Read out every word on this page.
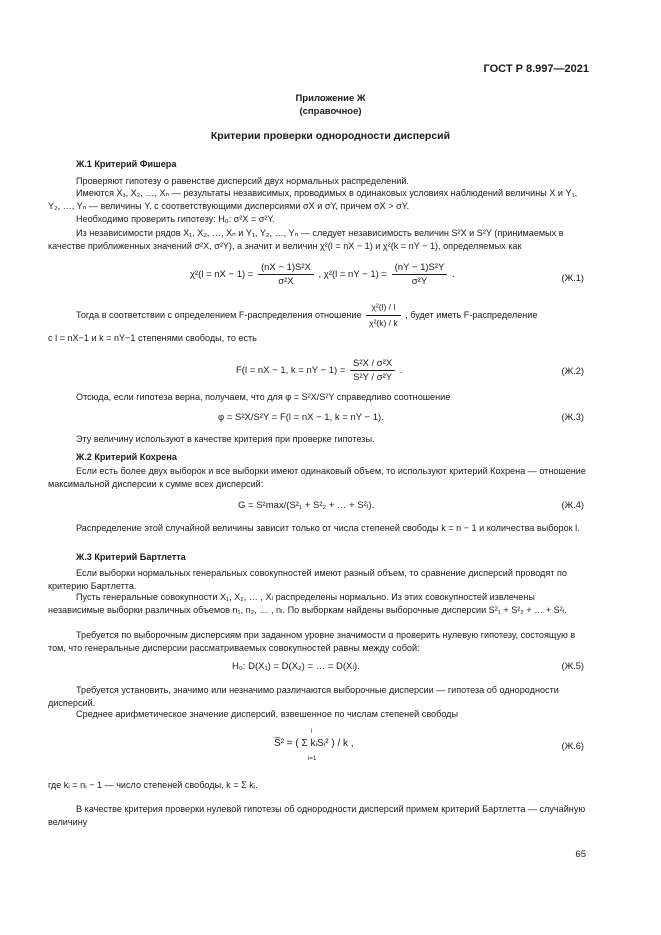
ГОСТ Р 8.997—2021
Приложение Ж
(справочное)
Критерии проверки однородности дисперсий
Ж.1 Критерий Фишера
Проверяют гипотезу о равенстве дисперсий двух нормальных распределений.
Имеются X₁, X₂, …, Xₙ — результаты независимых, проводимых в одинаковых условиях наблюдений величины X и Y₁, Y₂, …, Yₙ — величины Y, с соответствующими дисперсиями σX и σY, причем σX > σY.
Необходимо проверить гипотезу: H₀: σ²X = σ²Y.
Из независимости рядов X₁, X₂, …, Xₙ и Y₁, Y₂, …, Yₙ — следует независимость величин S²X и S²Y (принимаемых в качестве приближенных значений σ²X, σ²Y), а значит и величин χ²(l = nX − 1) и χ²(k = nY − 1), определяемых как
χ²(l = nX − $1) = \frac{\text{(nX − 1)S²X}}{\text{σ²X}}$ , χ²(l = nY − $1) = \frac{\text{(nY − 1)S²Y}}{\text{σ²Y}}$ .	(Ж.1)
Тогда в соответствии с определением F-распределения отношение $\frac{\text{χ²(l) / l}}{\text{χ²(k) / k}}$ , будет иметь F-распределение
с l = nX−1 и k = nY−1 степенями свободы, то есть
F(l = nX − 1, k = nY − $1) = \frac{\text{S²X / σ²X}}{\text{S²Y / σ²Y}}$ .	(Ж.2)
Отсюда, если гипотеза верна, получаем, что для φ = S²X/S²Y справедливо соотношение
φ = S²X/S²Y = F(l = nX − 1, k = nY − 1).	(Ж.3)
Эту величину используют в качестве критерия при проверке гипотезы.
Ж.2 Критерий Кохрена
Если есть более двух выборок и все выборки имеют одинаковый объем, то используют критерий Кохрена — отношение максимальной дисперсии к сумме всех дисперсий:
G = S²max/(S²₁ + S²₂ + … + S²ₗ).	(Ж.4)
Распределение этой случайной величины зависит только от числа степеней свободы k = n − 1 и количества выборок l.
Ж.3 Критерий Бартлетта
Если выборки нормальных генеральных совокупностей имеют разный объем, то сравнение дисперсий проводят по критерию Бартлетта.
Пусть генеральные совокупности X₁, X₂, … , Xₗ распределены нормально. Из этих совокупностей извлечены независимые выборки различных объемов n₁, n₂, … , nₗ. По выборкам найдены выборочные дисперсии S²₁ + S²₂ + … + S²ₗ.
Требуется по выборочным дисперсиям при заданном уровне значимости α проверить нулевую гипотезу, состоящую в том, что генеральные дисперсии рассматриваемых совокупностей равны между собой:
H₀: D(X₁) = D(X₂) = … = D(Xₗ).	(Ж.5)
Требуется установить, значимо или незначимо различаются выборочные дисперсии — гипотеза об однородности дисперсий.
Среднее арифметическое значение дисперсий, взвешенное по числам степеней свободы
S̅² = ( Σ kᵢSᵢ² ) / k ,
l
i=1
(Ж.6)
где kᵢ = nᵢ − 1 — число степеней свободы, k = Σ kᵢ.
В качестве критерия проверки нулевой гипотезы об однородности дисперсий примем критерий Бартлетта — случайную величину
65
